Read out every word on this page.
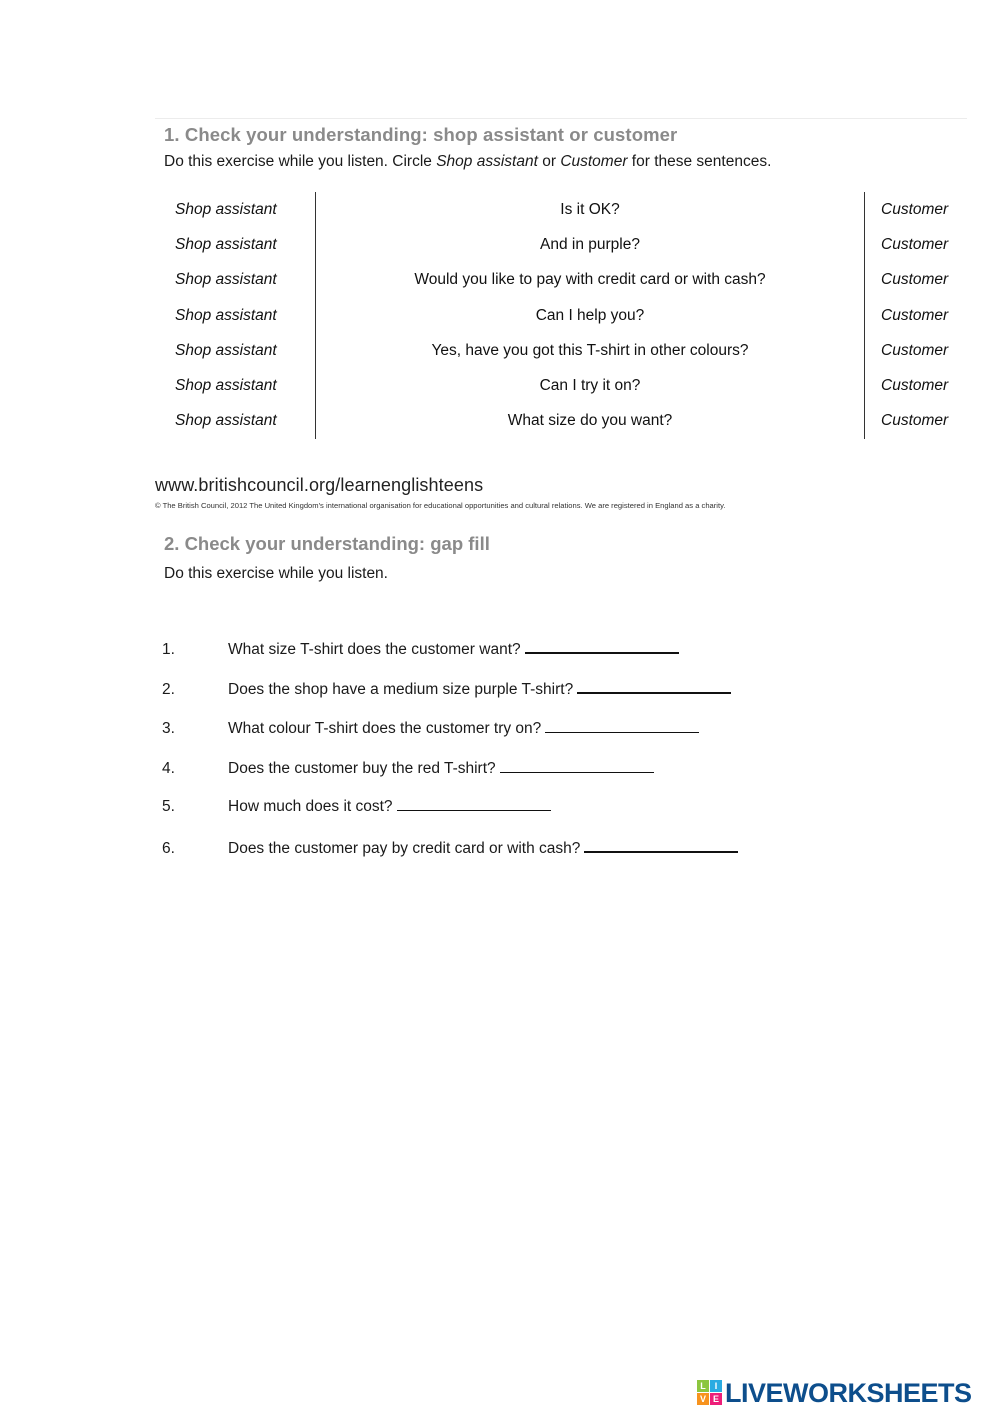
1. Check your understanding: shop assistant or customer
Do this exercise while you listen. Circle Shop assistant or Customer for these sentences.
Shop assistant	Is it OK?	Customer
Shop assistant	And in purple?	Customer
Shop assistant	Would you like to pay with credit card or with cash?	Customer
Shop assistant	Can I help you?	Customer
Shop assistant	Yes, have you got this T-shirt in other colours?	Customer
Shop assistant	Can I try it on?	Customer
Shop assistant	What size do you want?	Customer
www.britishcouncil.org/learnenglishteens
© The British Council, 2012 The United Kingdom's international organisation for educational opportunities and cultural relations. We are registered in England as a charity.
2. Check your understanding: gap fill
Do this exercise while you listen.
1.	What size T-shirt does the customer want?
2.	Does the shop have a medium size purple T-shirt?
3.	What colour T-shirt does the customer try on?
4.	Does the customer buy the red T-shirt?
5.	How much does it cost?
6.	Does the customer pay by credit card or with cash?
L I
V E LIVEWORKSHEETS
